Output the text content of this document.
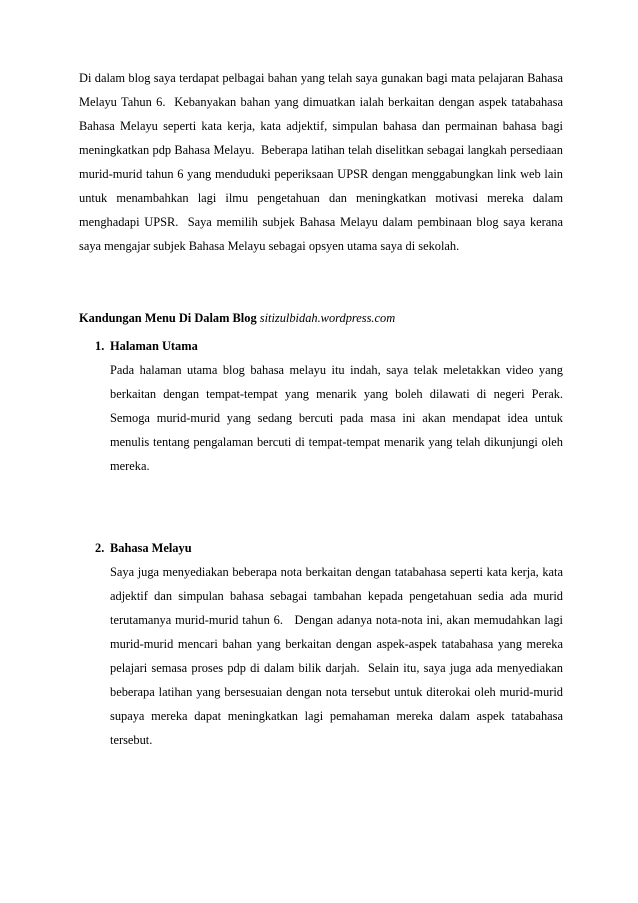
Di dalam blog saya terdapat pelbagai bahan yang telah saya gunakan bagi mata pelajaran Bahasa Melayu Tahun 6.  Kebanyakan bahan yang dimuatkan ialah berkaitan dengan aspek tatabahasa Bahasa Melayu seperti kata kerja, kata adjektif, simpulan bahasa dan permainan bahasa bagi meningkatkan pdp Bahasa Melayu.  Beberapa latihan telah diselitkan sebagai langkah persediaan murid-murid tahun 6 yang menduduki peperiksaan UPSR dengan menggabungkan link web lain untuk menambahkan lagi ilmu pengetahuan dan meningkatkan motivasi mereka dalam menghadapi UPSR.  Saya memilih subjek Bahasa Melayu dalam pembinaan blog saya kerana saya mengajar subjek Bahasa Melayu sebagai opsyen utama saya di sekolah.

Kandungan Menu Di Dalam Blog sitizulbidah.wordpress.com

1. Halaman Utama

Pada halaman utama blog bahasa melayu itu indah, saya telak meletakkan video yang berkaitan dengan tempat-tempat yang menarik yang boleh dilawati di negeri Perak.  Semoga murid-murid yang sedang bercuti pada masa ini akan mendapat idea untuk menulis tentang pengalaman bercuti di tempat-tempat menarik yang telah dikunjungi oleh mereka.

2. Bahasa Melayu

Saya juga menyediakan beberapa nota berkaitan dengan tatabahasa seperti kata kerja, kata adjektif dan simpulan bahasa sebagai tambahan kepada pengetahuan sedia ada murid terutamanya murid-murid tahun 6.   Dengan adanya nota-nota ini, akan memudahkan lagi murid-murid mencari bahan yang berkaitan dengan aspek-aspek tatabahasa yang mereka pelajari semasa proses pdp di dalam bilik darjah.  Selain itu, saya juga ada menyediakan beberapa latihan yang bersesuaian dengan nota tersebut untuk diterokai oleh murid-murid supaya mereka dapat meningkatkan lagi pemahaman mereka dalam aspek tatabahasa tersebut.
